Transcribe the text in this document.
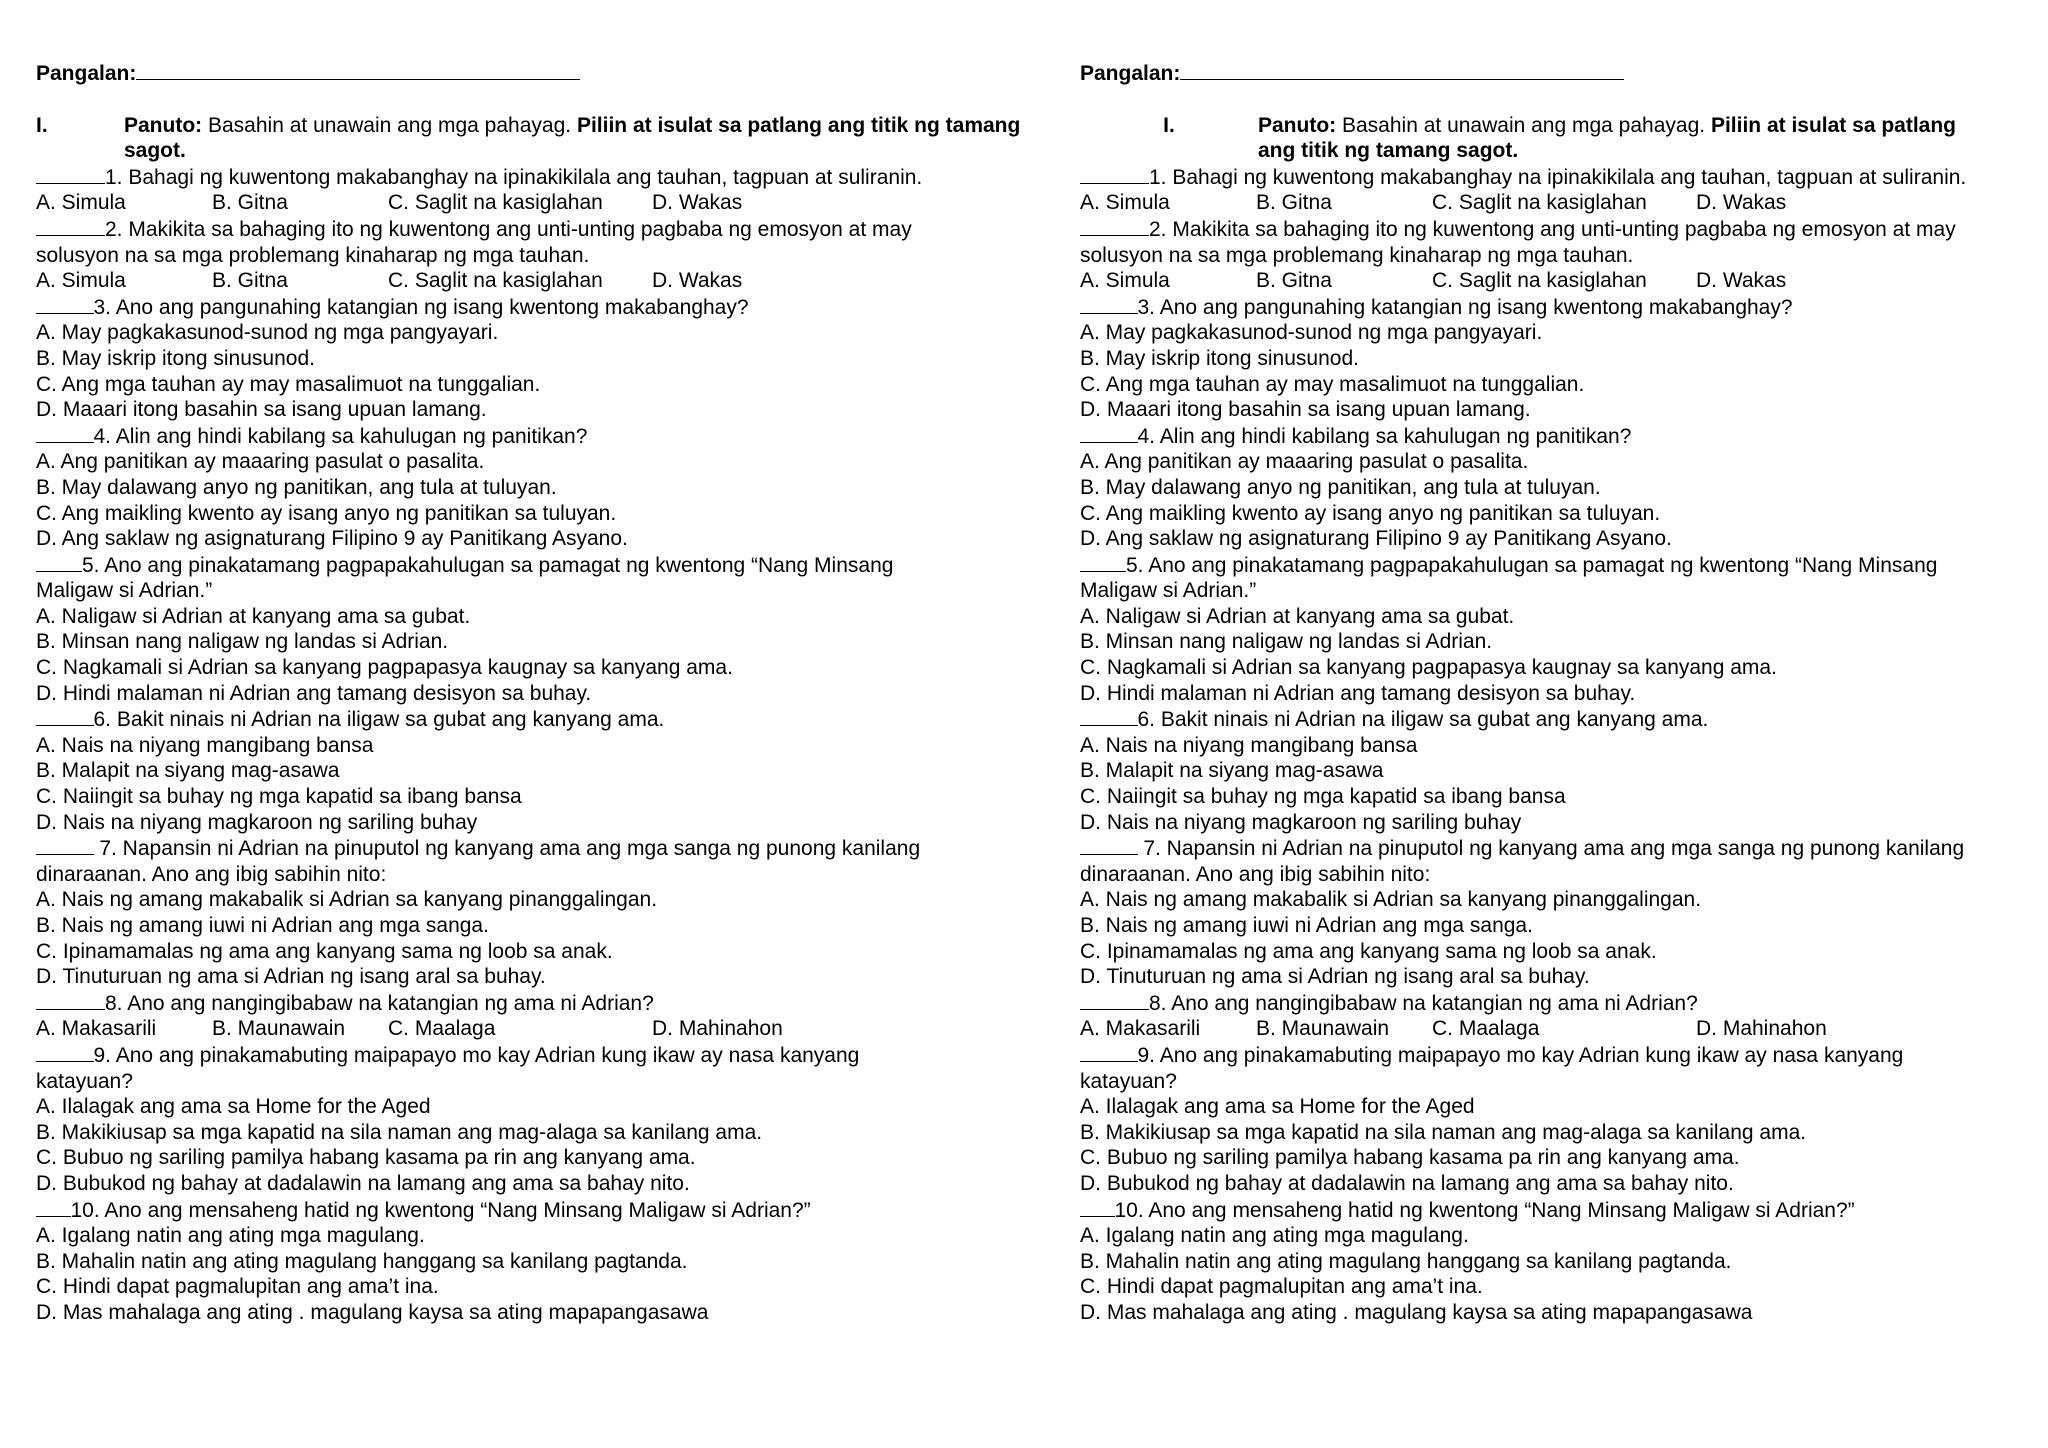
Pangalan:
I.	Panuto: Basahin at unawain ang mga pahayag. Piliin at isulat sa patlang ang titik ng tamang sagot.
1. Bahagi ng kuwentong makabanghay na ipinakikilala ang tauhan, tagpuan at suliranin.
A. Simula	B. Gitna	C. Saglit na kasiglahan	D. Wakas
2. Makikita sa bahaging ito ng kuwentong ang unti-unting pagbaba ng emosyon at may
solusyon na sa mga problemang kinaharap ng mga tauhan.
A. Simula	B. Gitna	C. Saglit na kasiglahan	D. Wakas
3. Ano ang pangunahing katangian ng isang kwentong makabanghay?
A. May pagkakasunod-sunod ng mga pangyayari.
B. May iskrip itong sinusunod.
C. Ang mga tauhan ay may masalimuot na tunggalian.
D. Maaari itong basahin sa isang upuan lamang.
4. Alin ang hindi kabilang sa kahulugan ng panitikan?
A. Ang panitikan ay maaaring pasulat o pasalita.
B. May dalawang anyo ng panitikan, ang tula at tuluyan.
C. Ang maikling kwento ay isang anyo ng panitikan sa tuluyan.
D. Ang saklaw ng asignaturang Filipino 9 ay Panitikang Asyano.
5. Ano ang pinakatamang pagpapakahulugan sa pamagat ng kwentong “Nang Minsang
Maligaw si Adrian.”
A. Naligaw si Adrian at kanyang ama sa gubat.
B. Minsan nang naligaw ng landas si Adrian.
C. Nagkamali si Adrian sa kanyang pagpapasya kaugnay sa kanyang ama.
D. Hindi malaman ni Adrian ang tamang desisyon sa buhay.
6. Bakit ninais ni Adrian na iligaw sa gubat ang kanyang ama.
A. Nais na niyang mangibang bansa
B. Malapit na siyang mag-asawa
C. Naiingit sa buhay ng mga kapatid sa ibang bansa
D. Nais na niyang magkaroon ng sariling buhay
7. Napansin ni Adrian na pinuputol ng kanyang ama ang mga sanga ng punong kanilang
dinaraanan. Ano ang ibig sabihin nito:
A. Nais ng amang makabalik si Adrian sa kanyang pinanggalingan.
B. Nais ng amang iuwi ni Adrian ang mga sanga.
C. Ipinamamalas ng ama ang kanyang sama ng loob sa anak.
D. Tinuturuan ng ama si Adrian ng isang aral sa buhay.
8. Ano ang nangingibabaw na katangian ng ama ni Adrian?
A. Makasarili	B. Maunawain	C. Maalaga	D. Mahinahon
9. Ano ang pinakamabuting maipapayo mo kay Adrian kung ikaw ay nasa kanyang
katayuan?
A. Ilalagak ang ama sa Home for the Aged
B. Makikiusap sa mga kapatid na sila naman ang mag-alaga sa kanilang ama.
C. Bubuo ng sariling pamilya habang kasama pa rin ang kanyang ama.
D. Bubukod ng bahay at dadalawin na lamang ang ama sa bahay nito.
10. Ano ang mensaheng hatid ng kwentong “Nang Minsang Maligaw si Adrian?”
A. Igalang natin ang ating mga magulang.
B. Mahalin natin ang ating magulang hanggang sa kanilang pagtanda.
C. Hindi dapat pagmalupitan ang ama’t ina.
D. Mas mahalaga ang ating . magulang kaysa sa ating mapapangasawa
Pangalan:
I.	Panuto: Basahin at unawain ang mga pahayag. Piliin at isulat sa patlang
ang titik ng tamang sagot.
1. Bahagi ng kuwentong makabanghay na ipinakikilala ang tauhan, tagpuan at suliranin.
A. Simula	B. Gitna	C. Saglit na kasiglahan	D. Wakas
2. Makikita sa bahaging ito ng kuwentong ang unti-unting pagbaba ng emosyon at may
solusyon na sa mga problemang kinaharap ng mga tauhan.
A. Simula	B. Gitna	C. Saglit na kasiglahan	D. Wakas
3. Ano ang pangunahing katangian ng isang kwentong makabanghay?
A. May pagkakasunod-sunod ng mga pangyayari.
B. May iskrip itong sinusunod.
C. Ang mga tauhan ay may masalimuot na tunggalian.
D. Maaari itong basahin sa isang upuan lamang.
4. Alin ang hindi kabilang sa kahulugan ng panitikan?
A. Ang panitikan ay maaaring pasulat o pasalita.
B. May dalawang anyo ng panitikan, ang tula at tuluyan.
C. Ang maikling kwento ay isang anyo ng panitikan sa tuluyan.
D. Ang saklaw ng asignaturang Filipino 9 ay Panitikang Asyano.
5. Ano ang pinakatamang pagpapakahulugan sa pamagat ng kwentong “Nang Minsang
Maligaw si Adrian.”
A. Naligaw si Adrian at kanyang ama sa gubat.
B. Minsan nang naligaw ng landas si Adrian.
C. Nagkamali si Adrian sa kanyang pagpapasya kaugnay sa kanyang ama.
D. Hindi malaman ni Adrian ang tamang desisyon sa buhay.
6. Bakit ninais ni Adrian na iligaw sa gubat ang kanyang ama.
A. Nais na niyang mangibang bansa
B. Malapit na siyang mag-asawa
C. Naiingit sa buhay ng mga kapatid sa ibang bansa
D. Nais na niyang magkaroon ng sariling buhay
7. Napansin ni Adrian na pinuputol ng kanyang ama ang mga sanga ng punong kanilang
dinaraanan. Ano ang ibig sabihin nito:
A. Nais ng amang makabalik si Adrian sa kanyang pinanggalingan.
B. Nais ng amang iuwi ni Adrian ang mga sanga.
C. Ipinamamalas ng ama ang kanyang sama ng loob sa anak.
D. Tinuturuan ng ama si Adrian ng isang aral sa buhay.
8. Ano ang nangingibabaw na katangian ng ama ni Adrian?
A. Makasarili	B. Maunawain	C. Maalaga	D. Mahinahon
9. Ano ang pinakamabuting maipapayo mo kay Adrian kung ikaw ay nasa kanyang
katayuan?
A. Ilalagak ang ama sa Home for the Aged
B. Makikiusap sa mga kapatid na sila naman ang mag-alaga sa kanilang ama.
C. Bubuo ng sariling pamilya habang kasama pa rin ang kanyang ama.
D. Bubukod ng bahay at dadalawin na lamang ang ama sa bahay nito.
10. Ano ang mensaheng hatid ng kwentong “Nang Minsang Maligaw si Adrian?”
A. Igalang natin ang ating mga magulang.
B. Mahalin natin ang ating magulang hanggang sa kanilang pagtanda.
C. Hindi dapat pagmalupitan ang ama’t ina.
D. Mas mahalaga ang ating . magulang kaysa sa ating mapapangasawa
